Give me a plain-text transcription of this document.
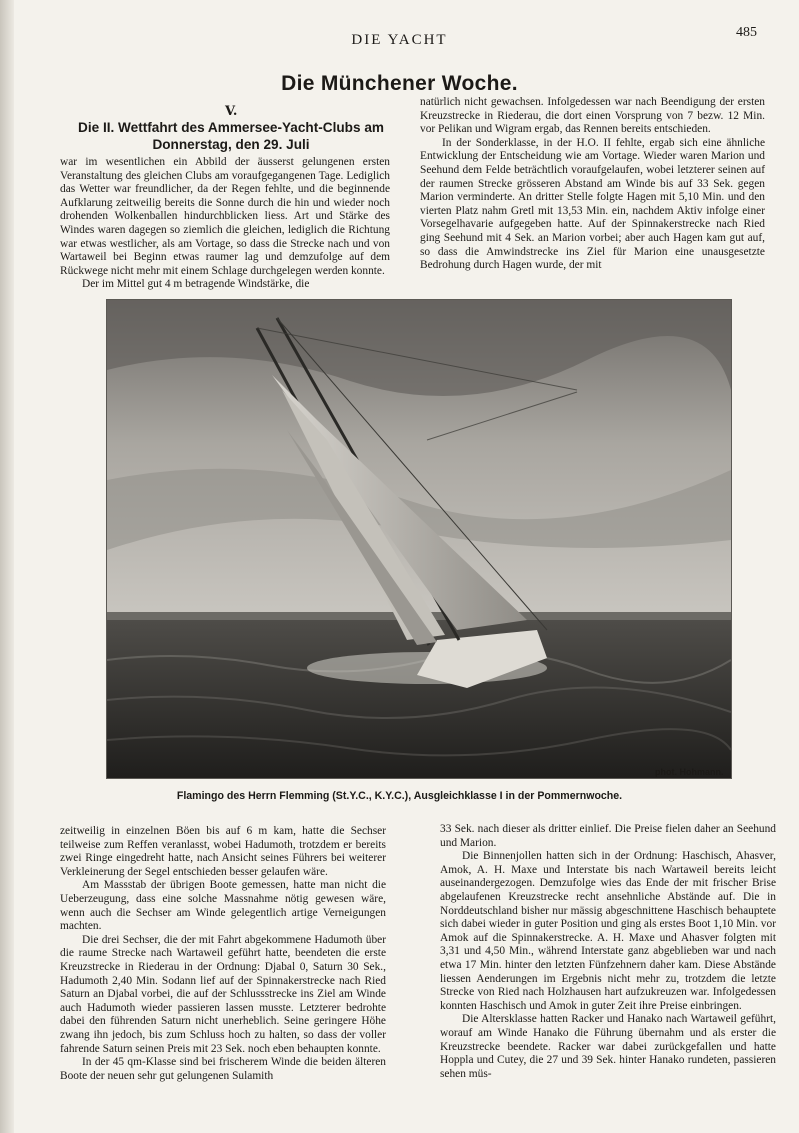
DIE YACHT	485
Die Münchener Woche.
V.
Die II. Wettfahrt des Ammersee-Yacht-Clubs am Donnerstag, den 29. Juli

war im wesentlichen ein Abbild der äusserst gelungenen ersten Veranstaltung des gleichen Clubs am voraufgegangenen Tage. Lediglich das Wetter war freundlicher, da der Regen fehlte, und die beginnende Aufklarung zeitweilig bereits die Sonne durch die hin und wieder noch drohenden Wolkenballen hindurchblicken liess. Art und Stärke des Windes waren dagegen so ziemlich die gleichen, lediglich die Richtung war etwas westlicher, als am Vortage, so dass die Strecke nach und von Wartaweil bei Beginn etwas raumer lag und demzufolge auf dem Rückwege nicht mehr mit einem Schlage durchgelegen werden konnte.

Der im Mittel gut 4 m betragende Windstärke, die

natürlich nicht gewachsen. Infolgedessen war nach Beendigung der ersten Kreuzstrecke in Riederau, die dort einen Vorsprung von 7 bezw. 12 Min. vor Pelikan und Wigram ergab, das Rennen bereits entschieden.

In der Sonderklasse, in der H.O. II fehlte, ergab sich eine ähnliche Entwicklung der Entscheidung wie am Vortage. Wieder waren Marion und Seehund dem Felde beträchtlich voraufgelaufen, wobei letzterer seinen auf der raumen Strecke grösseren Abstand am Winde bis auf 33 Sek. gegen Marion verminderte. An dritter Stelle folgte Hagen mit 5,10 Min. und den vierten Platz nahm Gretl mit 13,53 Min. ein, nachdem Aktiv infolge einer Vorsegelhavarie aufgegeben hatte. Auf der Spinnakerstrecke nach Ried ging Seehund mit 4 Sek. an Marion vorbei; aber auch Hagen kam gut auf, so dass die Amwindstrecke ins Ziel für Marion eine unausgesetzte Bedrohung durch Hagen wurde, der mit

phot. Hohmann.
Flamingo des Herrn Flemming (St.Y.C., K.Y.C.), Ausgleichklasse I in der Pommernwoche.

zeitweilig in einzelnen Böen bis auf 6 m kam, hatte die Sechser teilweise zum Reffen veranlasst, wobei Hadumoth, trotzdem er bereits zwei Ringe eingedreht hatte, nach Ansicht seines Führers bei weiterer Verkleinerung der Segel entschieden besser gelaufen wäre.

Am Massstab der übrigen Boote gemessen, hatte man nicht die Ueberzeugung, dass eine solche Massnahme nötig gewesen wäre, wenn auch die Sechser am Winde gelegentlich artige Verneigungen machten.

Die drei Sechser, die der mit Fahrt abgekommene Hadumoth über die raume Strecke nach Wartaweil geführt hatte, beendeten die erste Kreuzstrecke in Riederau in der Ordnung: Djabal 0, Saturn 30 Sek., Hadumoth 2,40 Min. Sodann lief auf der Spinnakerstrecke nach Ried Saturn an Djabal vorbei, die auf der Schlussstrecke ins Ziel am Winde auch Hadumoth wieder passieren lassen musste. Letzterer bedrohte dabei den führenden Saturn nicht unerheblich. Seine geringere Höhe zwang ihn jedoch, bis zum Schluss hoch zu halten, so dass der voller fahrende Saturn seinen Preis mit 23 Sek. noch eben behaupten konnte.

In der 45 qm-Klasse sind bei frischerem Winde die beiden älteren Boote der neuen sehr gut gelungenen Sulamith

33 Sek. nach dieser als dritter einlief. Die Preise fielen daher an Seehund und Marion.

Die Binnenjollen hatten sich in der Ordnung: Haschisch, Ahasver, Amok, A. H. Maxe und Interstate bis nach Wartaweil bereits leicht auseinandergezogen. Demzufolge wies das Ende der mit frischer Brise abgelaufenen Kreuzstrecke recht ansehnliche Abstände auf. Die in Norddeutschland bisher nur mässig abgeschnittene Haschisch behauptete sich dabei wieder in guter Position und ging als erstes Boot 1,10 Min. vor Amok auf die Spinnakerstrecke. A. H. Maxe und Ahasver folgten mit 3,31 und 4,50 Min., während Interstate ganz abgeblieben war und nach etwa 17 Min. hinter den letzten Fünfzehnern daher kam. Diese Abstände liessen Aenderungen im Ergebnis nicht mehr zu, trotzdem die letzte Strecke von Ried nach Holzhausen hart aufzukreuzen war. Infolgedessen konnten Haschisch und Amok in guter Zeit ihre Preise einbringen.

Die Altersklasse hatten Racker und Hanako nach Wartaweil geführt, worauf am Winde Hanako die Führung übernahm und als erster die Kreuzstrecke beendete. Racker war dabei zurückgefallen und hatte Hoppla und Cutey, die 27 und 39 Sek. hinter Hanako rundeten, passieren sehen müs-
